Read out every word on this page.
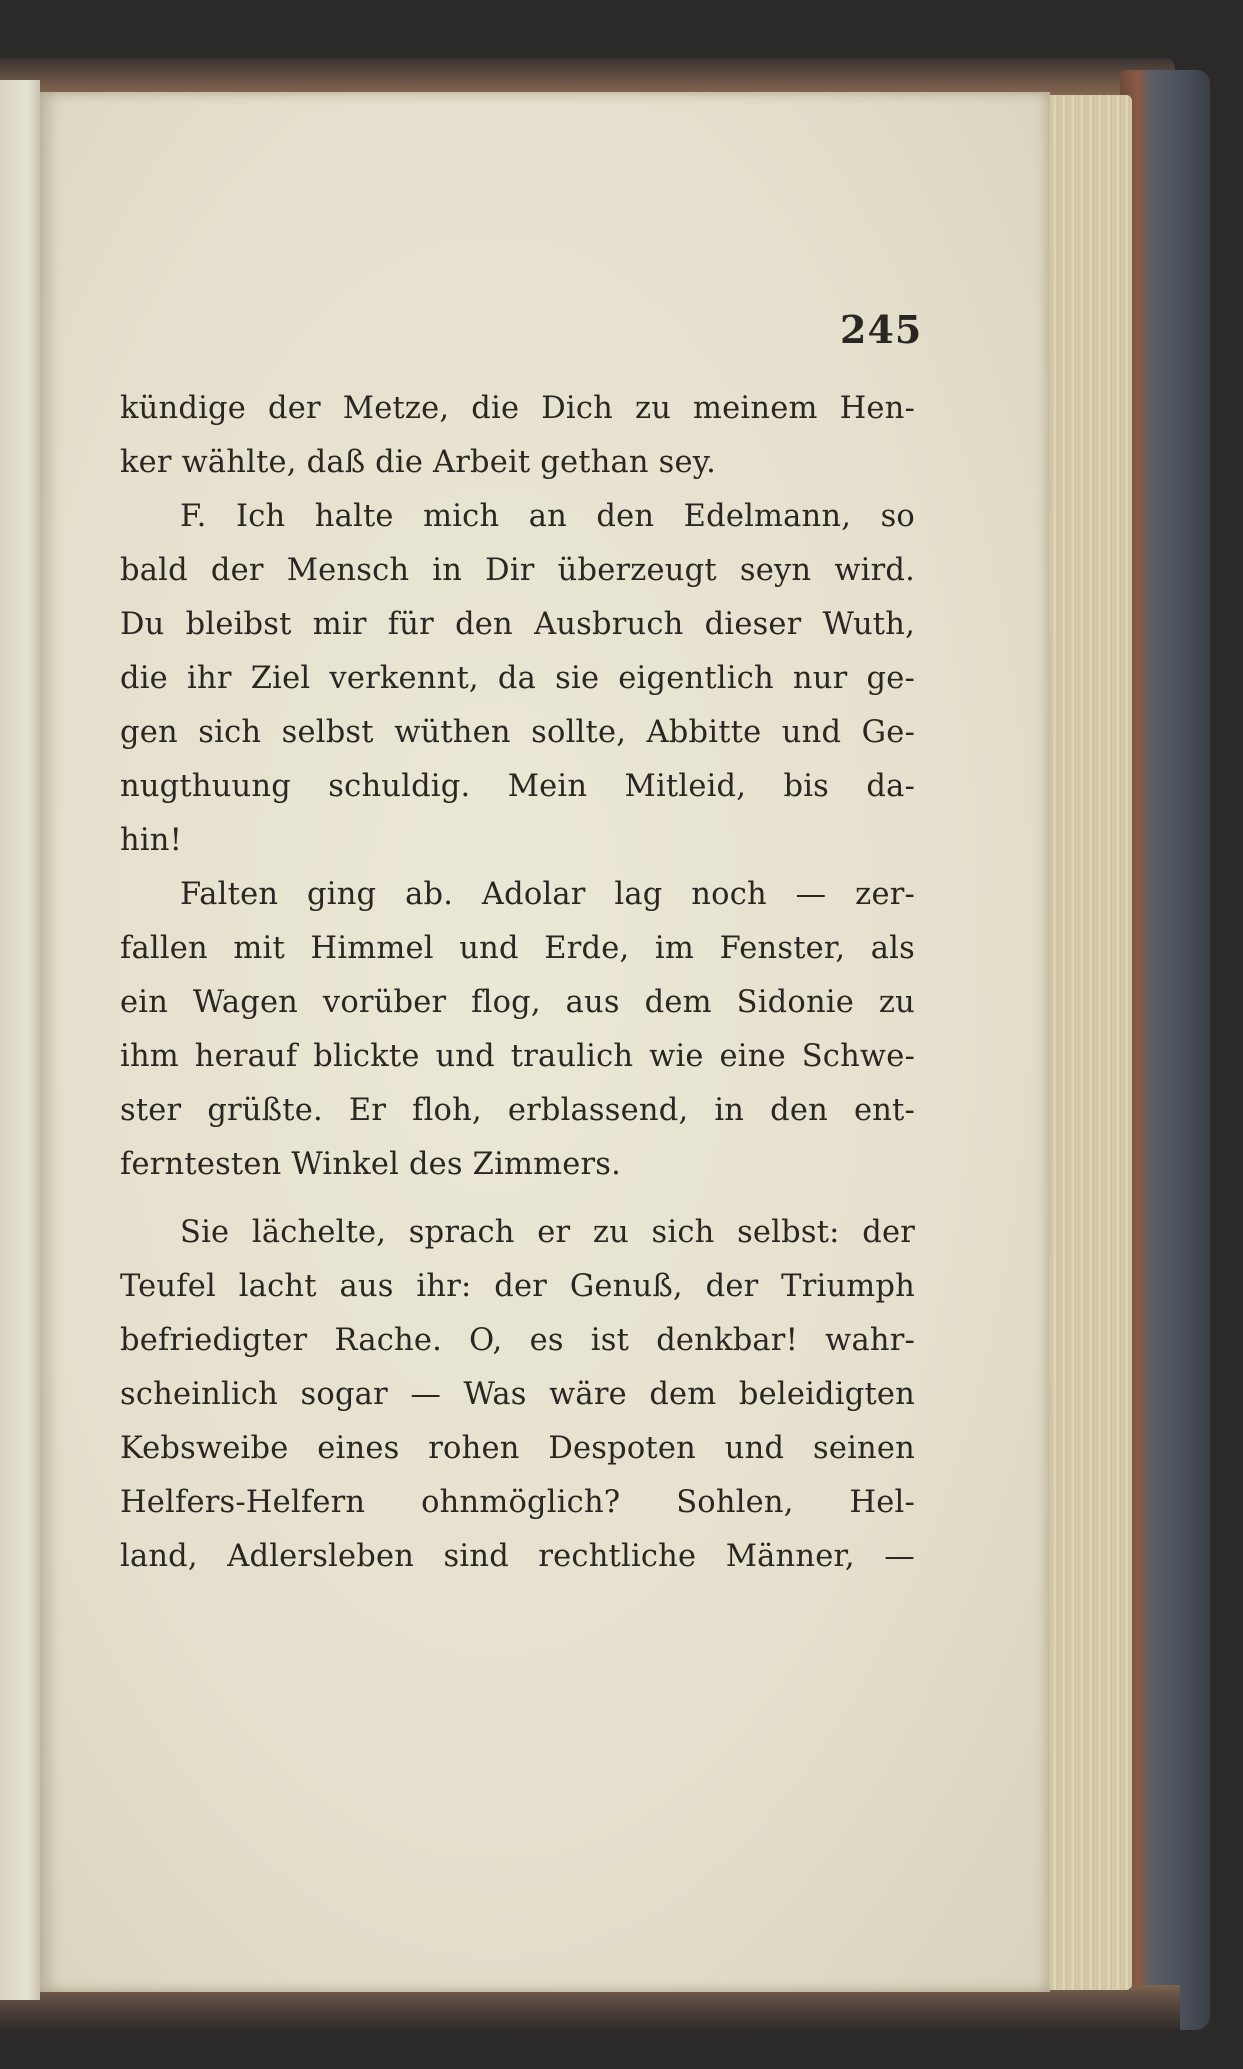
245
kündige der Metze, die Dich zu meinem Hen-
ker wählte, daß die Arbeit gethan sey.
F. Ich halte mich an den Edelmann, so
bald der Mensch in Dir überzeugt seyn wird.
Du bleibst mir für den Ausbruch dieser Wuth,
die ihr Ziel verkennt, da sie eigentlich nur ge-
gen sich selbst wüthen sollte, Abbitte und Ge-
nugthuung schuldig. Mein Mitleid, bis da-
hin!
Falten ging ab. Adolar lag noch — zer-
fallen mit Himmel und Erde, im Fenster, als
ein Wagen vorüber flog, aus dem Sidonie zu
ihm herauf blickte und traulich wie eine Schwe-
ster grüßte. Er floh, erblassend, in den ent-
ferntesten Winkel des Zimmers.
Sie lächelte, sprach er zu sich selbst: der
Teufel lacht aus ihr: der Genuß, der Triumph
befriedigter Rache. O, es ist denkbar! wahr-
scheinlich sogar — Was wäre dem beleidigten
Kebsweibe eines rohen Despoten und seinen
Helfers-Helfern ohnmöglich? Sohlen, Hel-
land, Adlersleben sind rechtliche Männer, —
